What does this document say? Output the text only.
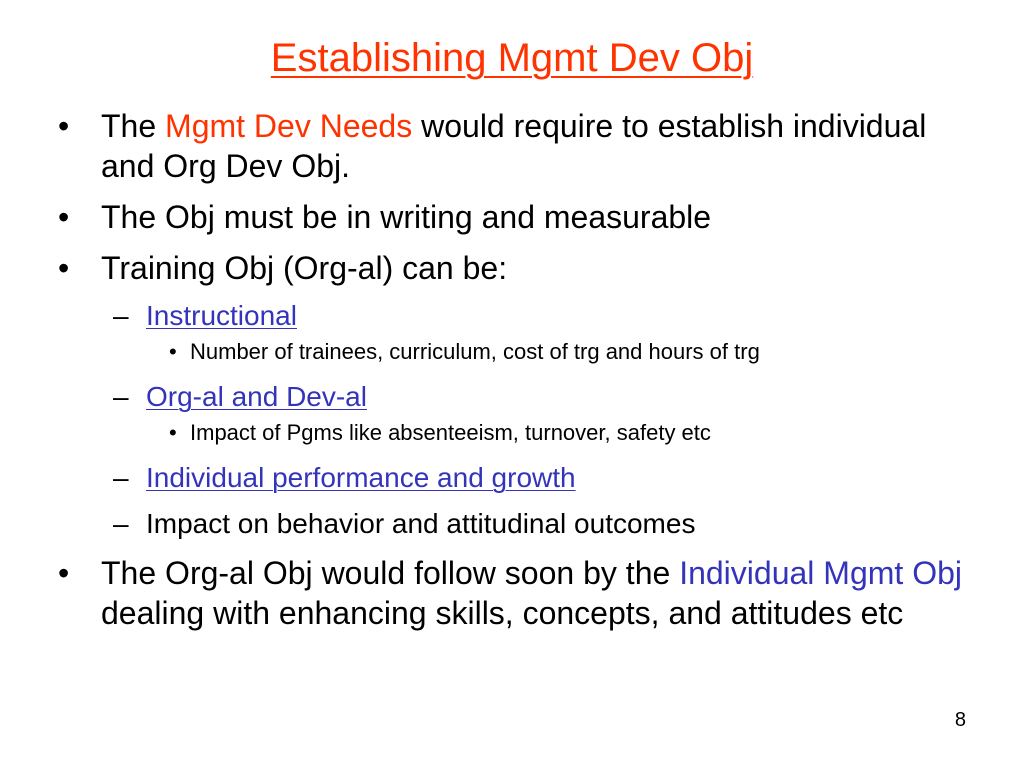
Establishing Mgmt Dev Obj
• The Mgmt Dev Needs would require to establish individual and Org Dev Obj.
• The Obj must be in writing and measurable
• Training Obj (Org-al) can be:
– Instructional
• Number of trainees, curriculum, cost of trg and hours of trg
– Org-al and Dev-al
• Impact of Pgms like absenteeism, turnover, safety etc
– Individual performance and growth
– Impact on behavior and attitudinal outcomes
• The Org-al Obj would follow soon by the Individual Mgmt Obj dealing with enhancing skills, concepts, and attitudes etc
8
